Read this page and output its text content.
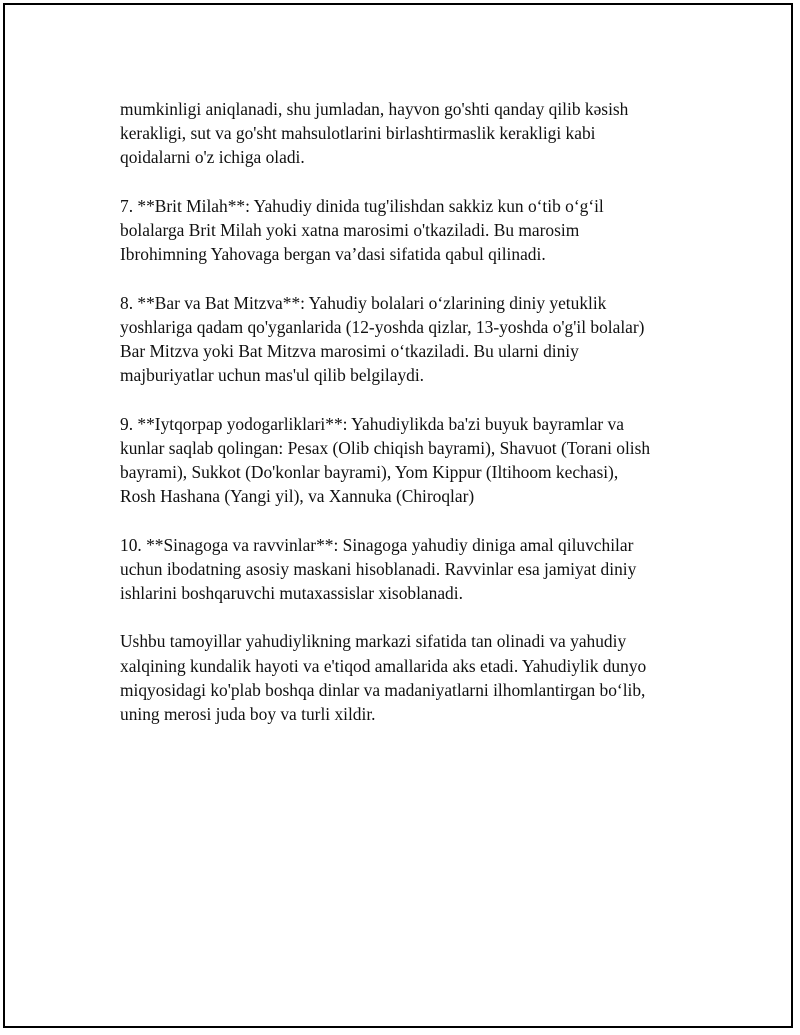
mumkinligi aniqlanadi, shu jumladan, hayvon go'shti qanday qilib kәsish
kerakligi, sut va go'sht mahsulotlarini birlashtirmaslik kerakligi kabi
qoidalarni o'z ichiga oladi.

7. **Brit Milah**: Yahudiy dinida tug'ilishdan sakkiz kun oʻtib oʻgʻil
bolalarga Brit Milah yoki xatna marosimi o'tkaziladi. Bu marosim
Ibrohimning Yahovaga bergan va’dasi sifatida qabul qilinadi.

8. **Bar va Bat Mitzva**: Yahudiy bolalari oʻzlarining diniy yetuklik
yoshlariga qadam qo'yganlarida (12-yoshda qizlar, 13-yoshda o'g'il bolalar)
Bar Mitzva yoki Bat Mitzva marosimi oʻtkaziladi. Bu ularni diniy
majburiyatlar uchun mas'ul qilib belgilaydi.

9. **Iytqorpap yodogarliklari**: Yahudiylikda ba'zi buyuk bayramlar va
kunlar saqlab qolingan: Pesax (Olib chiqish bayrami), Shavuot (Torani olish
bayrami), Sukkot (Do'konlar bayrami), Yom Kippur (Iltihoom kechasi),
Rosh Hashana (Yangi yil), va Xannuka (Chiroqlar)

10. **Sinagoga va ravvinlar**: Sinagoga yahudiy diniga amal qiluvchilar
uchun ibodatning asosiy maskani hisoblanadi. Ravvinlar esa jamiyat diniy
ishlarini boshqaruvchi mutaxassislar xisoblanadi.

Ushbu tamoyillar yahudiylikning markazi sifatida tan olinadi va yahudiy
xalqining kundalik hayoti va e'tiqod amallarida aks etadi. Yahudiylik dunyo
miqyosidagi ko'plab boshqa dinlar va madaniyatlarni ilhomlantirgan boʻlib,
uning merosi juda boy va turli xildir.
